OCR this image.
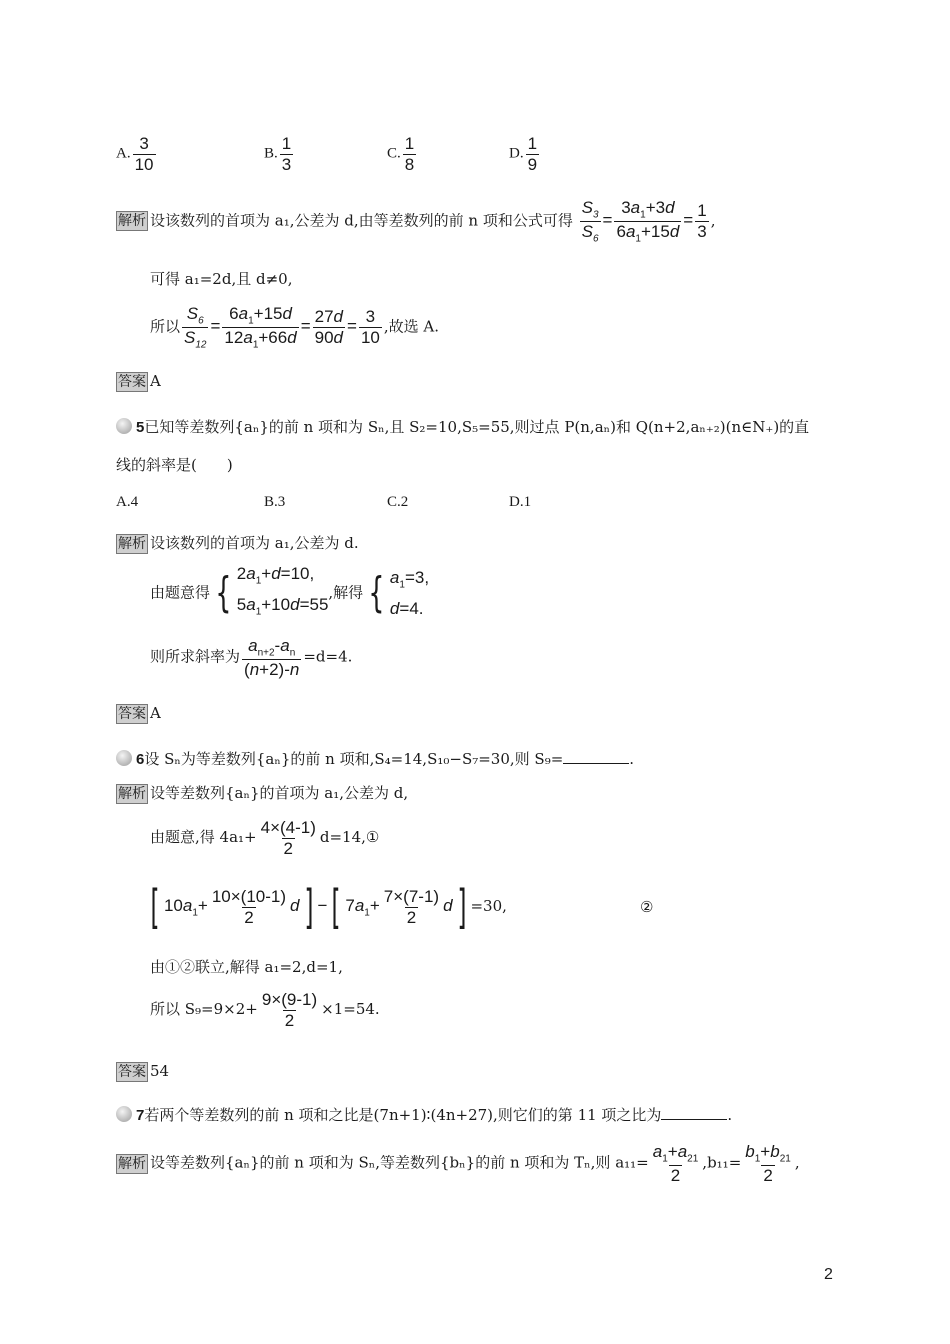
A. $\frac{3}{10}$	B. $\frac{1}{3}$	C. $\frac{1}{8}$	D. $\frac{1}{9}$
解析 设该数列的首项为 a₁,公差为 d,由等差数列的前 n 项和公式可得 $\frac{S_3}{S_6} = \frac{3a_1+3d}{6a_1+15d} = \frac{1}{3}$ ,
可得 a₁=2d,且 d≠0,
所以 $\frac{S_6}{S_{12}} = \frac{6a_1+15d}{12a_1+66d} = \frac{27d}{90d} = \frac{3}{10}$ ,故选 A.
答案 A
5已知等差数列{aₙ}的前 n 项和为 Sₙ,且 S₂=10,S₅=55,则过点 P(n,aₙ)和 Q(n+2,aₙ₊₂)(n∈N₊)的直
线的斜率是(　　)
A.4	B.3	C.2	D.1
解析 设该数列的首项为 a₁,公差为 d.
由题意得 { $2a_1+d=10$,
$5a_1+10d=55$
,解得 { $a_1=3$,
d=4.
则所求斜率为 $\frac{a_{n+2}-a_n}{(n+2)-n} =d=4$.
答案 A
6设 Sₙ为等差数列{aₙ}的前 n 项和,S₄=14,S₁₀−S₇=30,则 S₉=	.
解析 设等差数列{aₙ}的首项为 a₁,公差为 d,
由题意,得 $4a_1+ \frac{4\times(4-1)}{2}$ d=14,①
[ $10a_1+ \frac{10\times(10-1)}{2} d$] −[ $7a_1+ \frac{7\times(7-1)}{2} d] =30$,	②
由①②联立,解得 a₁=2,d=1,
所以 $S_9=9\times 2+ \frac{9\times(9-1)}{2} \times 1=54$.
答案 54
7若两个等差数列的前 n 项和之比是(7n+1)∶(4n+27),则它们的第 11 项之比为	.
解析 设等差数列{aₙ}的前 n 项和为 Sₙ,等差数列{bₙ}的前 n 项和为 Tₙ,则 $a_{11}= \frac{a_1+a_{21}}{2} ,b_{11}= \frac{b_1+b_{21}}{2}$ ,
2
